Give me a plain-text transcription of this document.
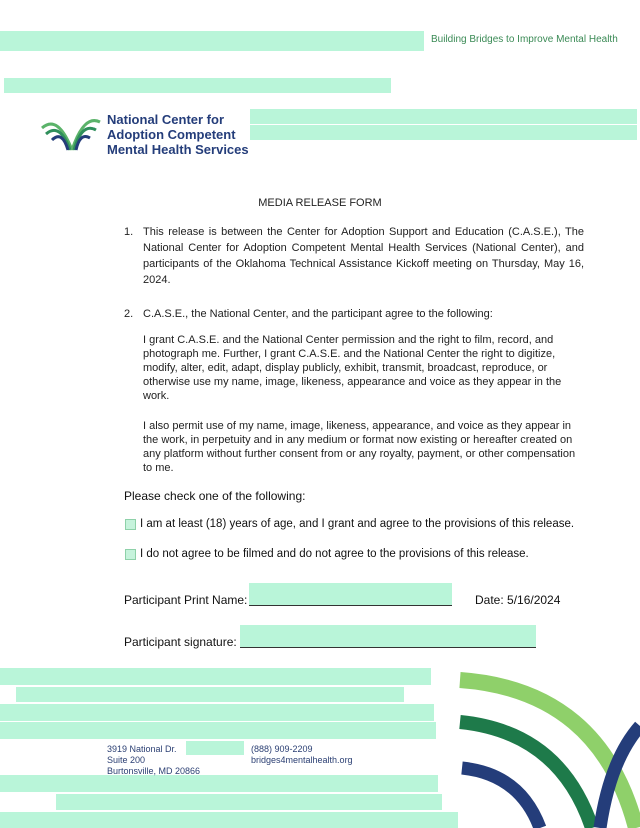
Building Bridges to Improve Mental Health
National Center for
Adoption Competent
Mental Health Services
MEDIA RELEASE FORM
1. This release is between the Center for Adoption Support and Education (C.A.S.E.), The National Center for Adoption Competent Mental Health Services (National Center), and participants of the Oklahoma Technical Assistance Kickoff meeting on Thursday, May 16, 2024.
2. C.A.S.E., the National Center, and the participant agree to the following:
I grant C.A.S.E. and the National Center permission and the right to film, record, and photograph me. Further, I grant C.A.S.E. and the National Center the right to digitize, modify, alter, edit, adapt, display publicly, exhibit, transmit, broadcast, reproduce, or otherwise use my name, image, likeness, appearance and voice as they appear in the work.
I also permit use of my name, image, likeness, appearance, and voice as they appear in the work, in perpetuity and in any medium or format now existing or hereafter created on any platform without further consent from or any royalty, payment, or other compensation to me.
Please check one of the following:
I am at least (18) years of age, and I grant and agree to the provisions of this release.
I do not agree to be filmed and do not agree to the provisions of this release.
Participant Print Name:	Date: 5/16/2024
Participant signature:
3919 National Dr.
Suite 200
Burtonsville, MD 20866
(888) 909-2209
bridges4mentalhealth.org
